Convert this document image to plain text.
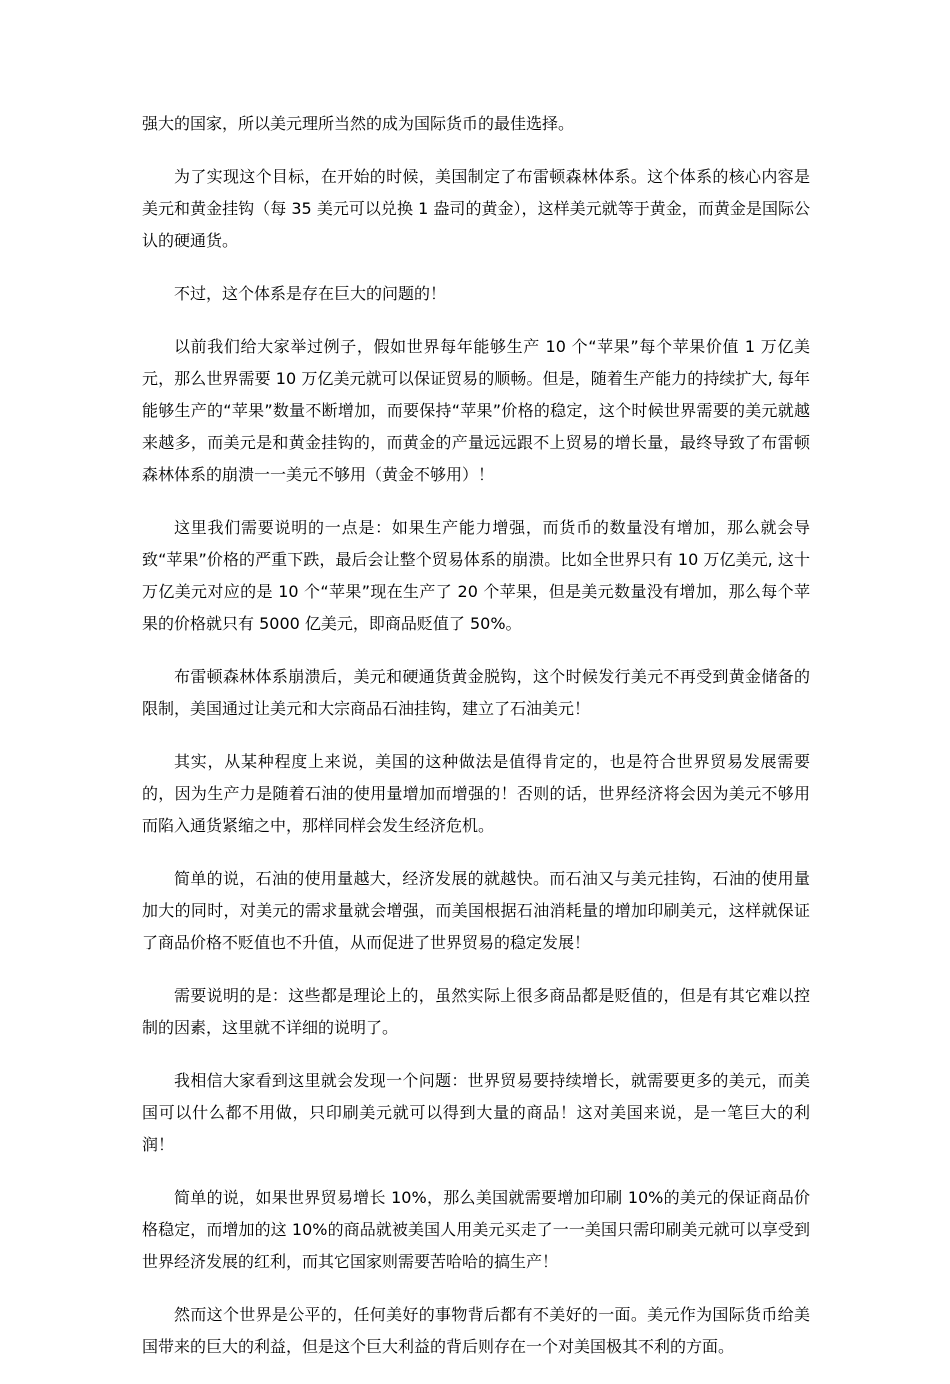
强大的国家，所以美元理所当然的成为国际货币的最佳选择。

为了实现这个目标，在开始的时候，美国制定了布雷顿森林体系。这个体系的核心内容是美元和黄金挂钩（每 35 美元可以兑换 1 盎司的黄金），这样美元就等于黄金，而黄金是国际公认的硬通货。

不过，这个体系是存在巨大的问题的！

以前我们给大家举过例子，假如世界每年能够生产 10 个“苹果”每个苹果价值 1 万亿美元，那么世界需要 10 万亿美元就可以保证贸易的顺畅。但是，随着生产能力的持续扩大, 每年能够生产的“苹果”数量不断增加，而要保持“苹果”价格的稳定，这个时候世界需要的美元就越来越多，而美元是和黄金挂钩的，而黄金的产量远远跟不上贸易的增长量，最终导致了布雷顿森林体系的崩溃一一美元不够用（黄金不够用）！

这里我们需要说明的一点是：如果生产能力增强，而货币的数量没有增加，那么就会导致“苹果”价格的严重下跌，最后会让整个贸易体系的崩溃。比如全世界只有 10 万亿美元, 这十万亿美元对应的是 10 个“苹果”现在生产了 20 个苹果，但是美元数量没有增加，那么每个苹果的价格就只有 5000 亿美元，即商品贬值了 50%。

布雷顿森林体系崩溃后，美元和硬通货黄金脱钩，这个时候发行美元不再受到黄金储备的限制，美国通过让美元和大宗商品石油挂钩，建立了石油美元！

其实，从某种程度上来说，美国的这种做法是值得肯定的，也是符合世界贸易发展需要的，因为生产力是随着石油的使用量增加而增强的！否则的话，世界经济将会因为美元不够用而陷入通货紧缩之中，那样同样会发生经济危机。

简单的说，石油的使用量越大，经济发展的就越快。而石油又与美元挂钩，石油的使用量加大的同时，对美元的需求量就会增强，而美国根据石油消耗量的增加印刷美元，这样就保证了商品价格不贬值也不升值，从而促进了世界贸易的稳定发展！

需要说明的是：这些都是理论上的，虽然实际上很多商品都是贬值的，但是有其它难以控制的因素，这里就不详细的说明了。

我相信大家看到这里就会发现一个问题：世界贸易要持续增长，就需要更多的美元，而美国可以什么都不用做，只印刷美元就可以得到大量的商品！这对美国来说，是一笔巨大的利润！

简单的说，如果世界贸易增长 10%，那么美国就需要增加印刷 10%的美元的保证商品价格稳定，而增加的这 10%的商品就被美国人用美元买走了一一美国只需印刷美元就可以享受到世界经济发展的红利，而其它国家则需要苦哈哈的搞生产！

然而这个世界是公平的，任何美好的事物背后都有不美好的一面。美元作为国际货币给美国带来的巨大的利益，但是这个巨大利益的背后则存在一个对美国极其不利的方面。
